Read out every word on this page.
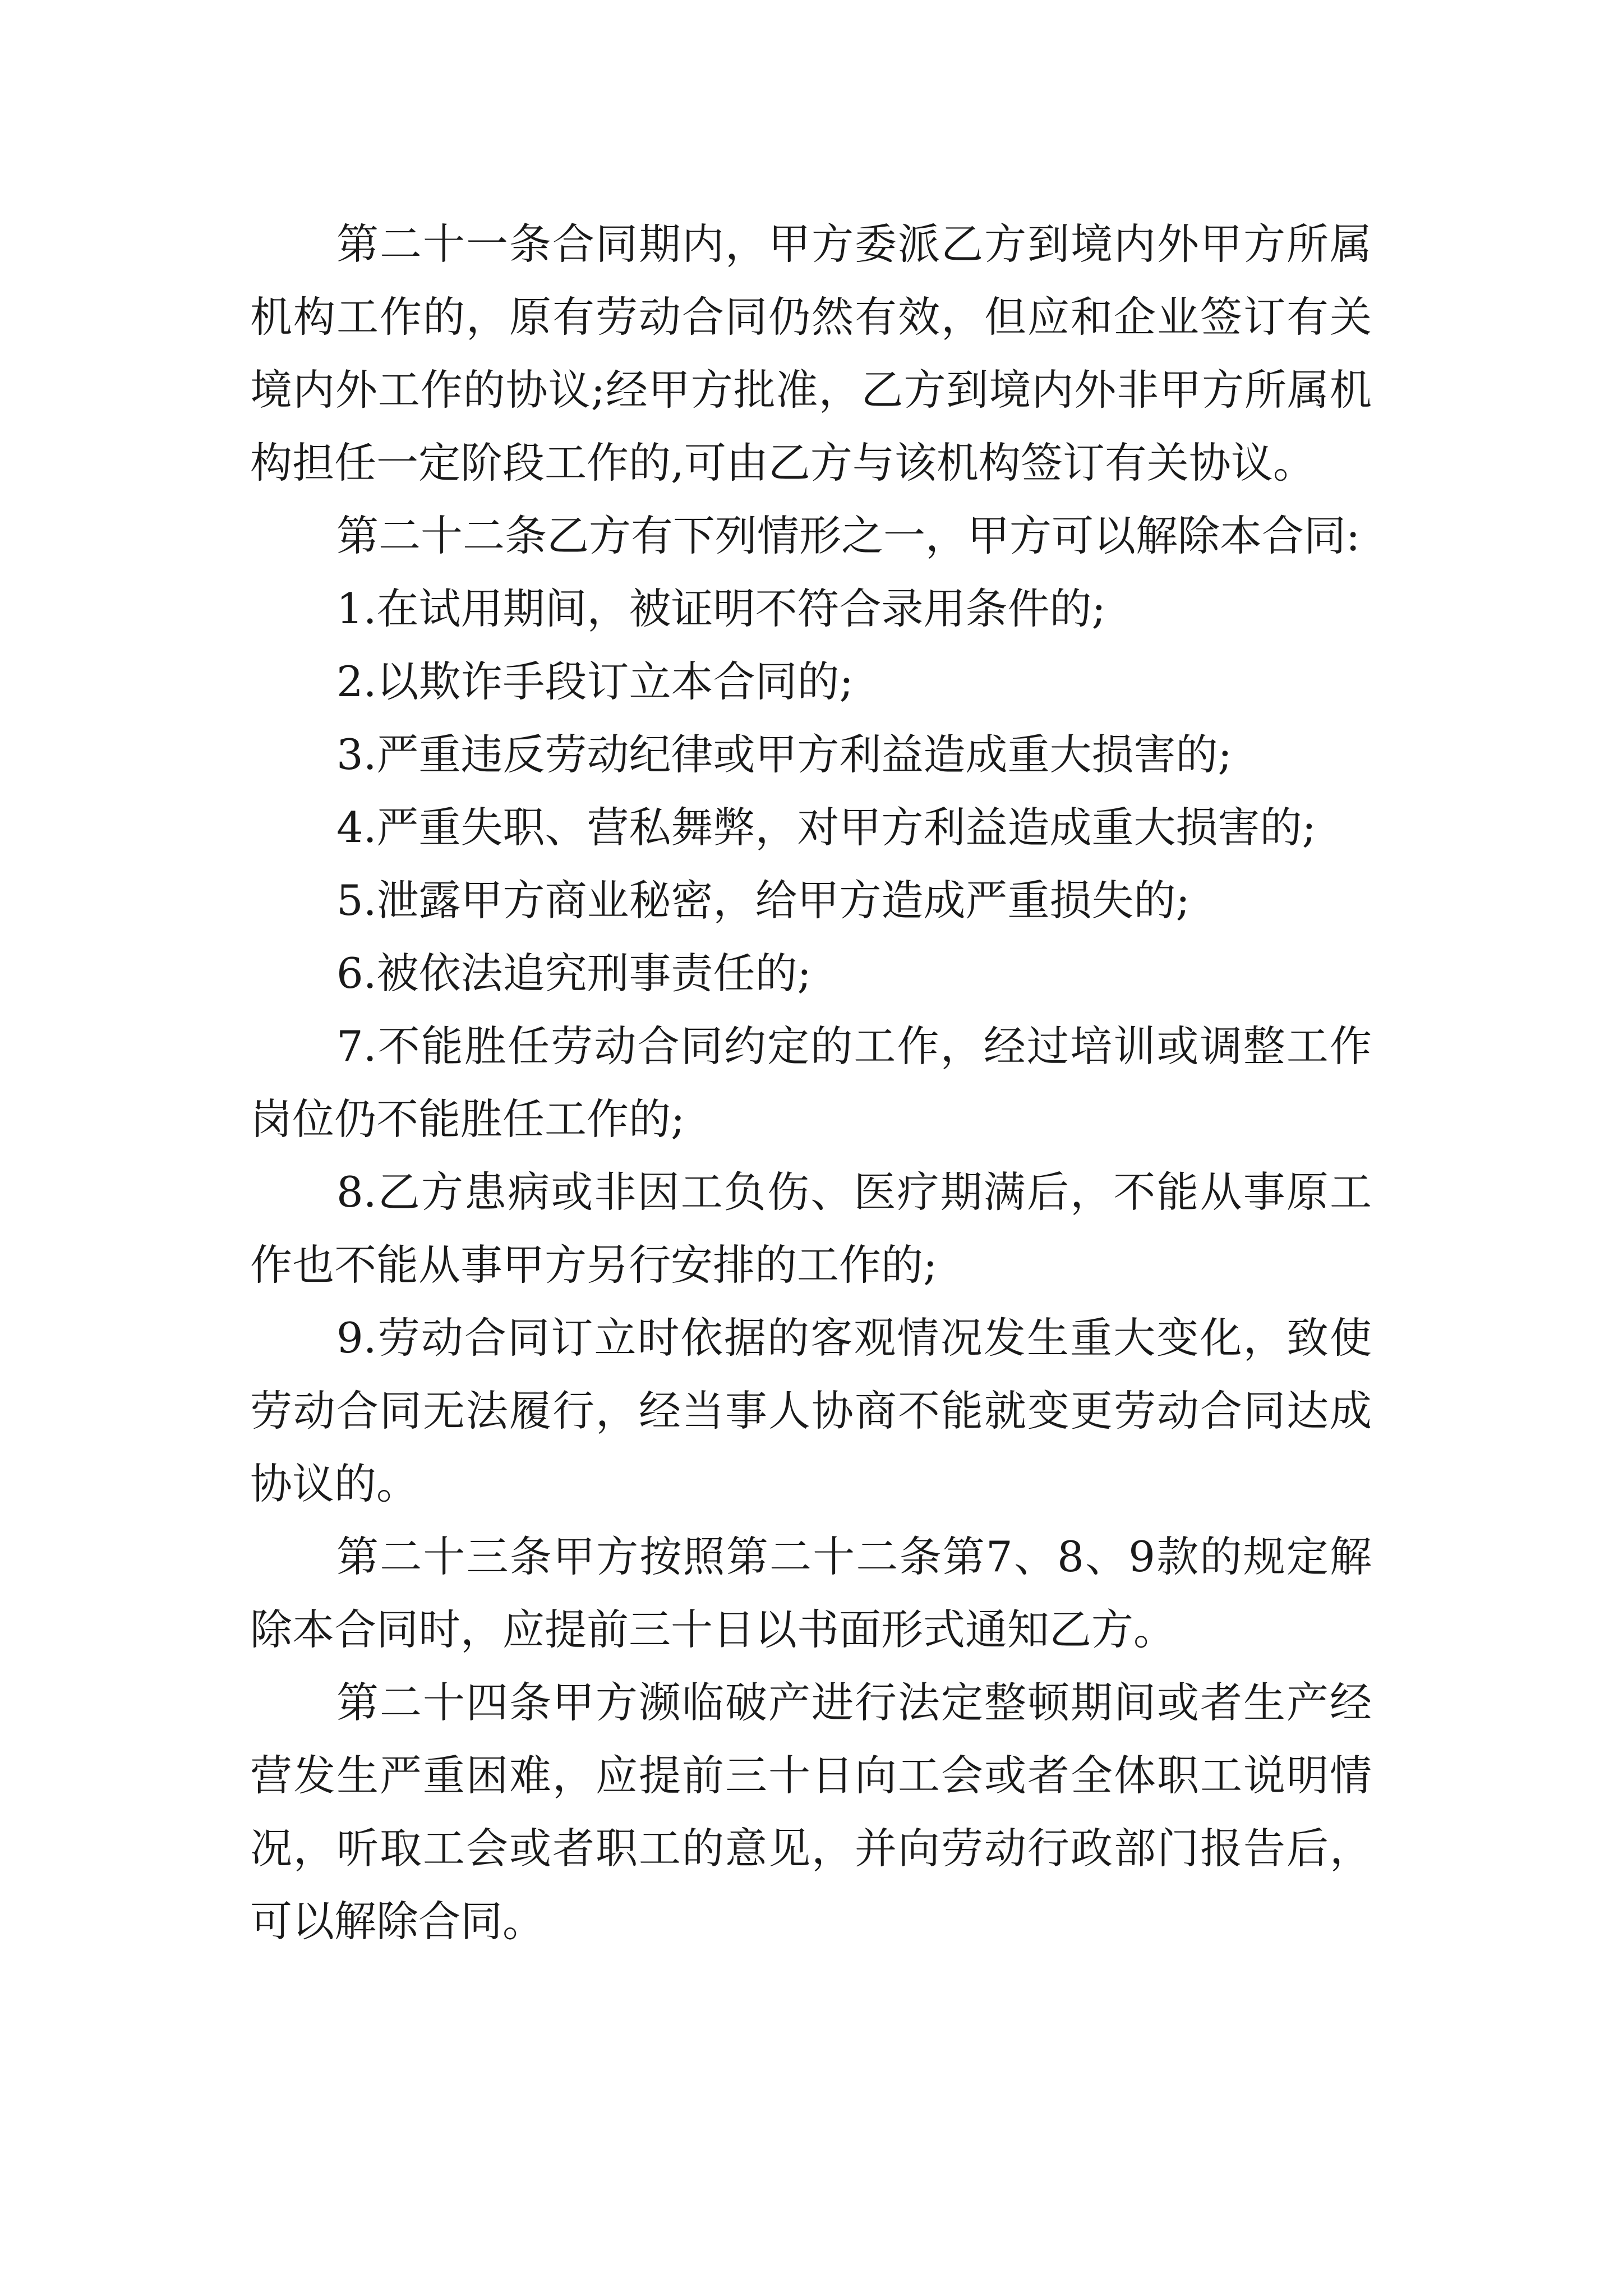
第二十一条合同期内，甲方委派乙方到境内外甲方所属机构工作的，原有劳动合同仍然有效，但应和企业签订有关境内外工作的协议;经甲方批准，乙方到境内外非甲方所属机构担任一定阶段工作的,可由乙方与该机构签订有关协议。

第二十二条乙方有下列情形之一，甲方可以解除本合同:

1.在试用期间，被证明不符合录用条件的;

2.以欺诈手段订立本合同的;

3.严重违反劳动纪律或甲方利益造成重大损害的;

4.严重失职、营私舞弊，对甲方利益造成重大损害的;

5.泄露甲方商业秘密，给甲方造成严重损失的;

6.被依法追究刑事责任的;

7.不能胜任劳动合同约定的工作，经过培训或调整工作岗位仍不能胜任工作的;

8.乙方患病或非因工负伤、医疗期满后，不能从事原工作也不能从事甲方另行安排的工作的;

9.劳动合同订立时依据的客观情况发生重大变化，致使劳动合同无法履行，经当事人协商不能就变更劳动合同达成协议的。

第二十三条甲方按照第二十二条第7、8、9款的规定解除本合同时，应提前三十日以书面形式通知乙方。

第二十四条甲方濒临破产进行法定整顿期间或者生产经营发生严重困难，应提前三十日向工会或者全体职工说明情况，听取工会或者职工的意见，并向劳动行政部门报告后，可以解除合同。
